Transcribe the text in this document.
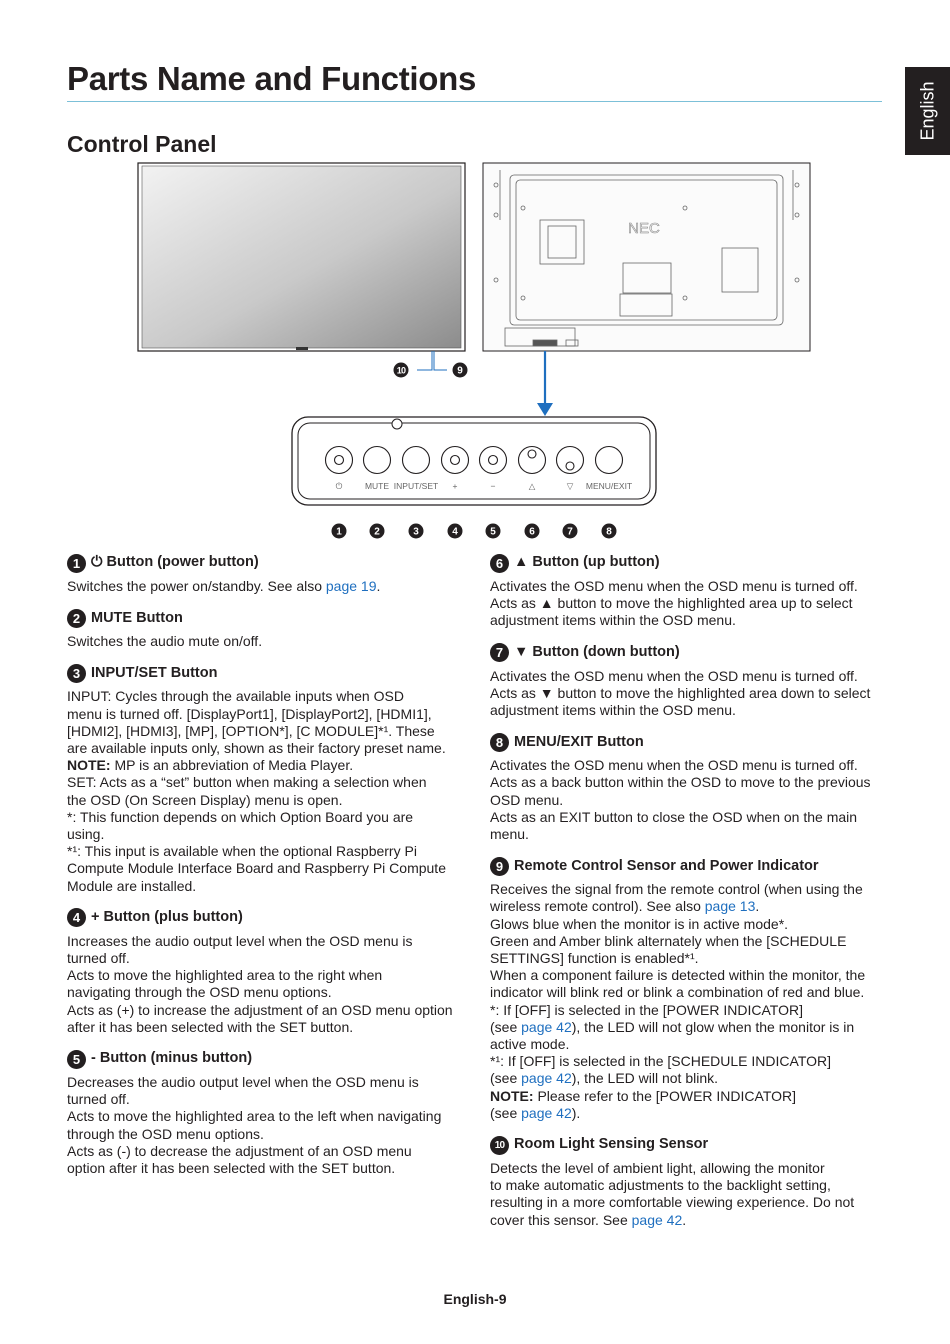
Parts Name and Functions
English
Control Panel
10	9
NEC
⏻	MUTE INPUT/SET +	−	△	▽ MENU/EXIT
1	2	3	4	5	6	7	8
1 ⏻ Button (power button)

Switches the power on/standby. See also page 19.

2 MUTE Button

Switches the audio mute on/off.

3 INPUT/SET Button

INPUT: Cycles through the available inputs when OSD

menu is turned off. [DisplayPort1], [DisplayPort2], [HDMI1],

[HDMI2], [HDMI3], [MP], [OPTION*], [C MODULE]*¹. These

are available inputs only, shown as their factory preset name.

NOTE: MP is an abbreviation of Media Player.

SET: Acts as a “set” button when making a selection when

the OSD (On Screen Display) menu is open.

*: This function depends on which Option Board you are

using.

*¹: This input is available when the optional Raspberry Pi

Compute Module Interface Board and Raspberry Pi Compute

Module are installed.

4 + Button (plus button)

Increases the audio output level when the OSD menu is

turned off.

Acts to move the highlighted area to the right when

navigating through the OSD menu options.

Acts as (+) to increase the adjustment of an OSD menu option

after it has been selected with the SET button.

5 - Button (minus button)

Decreases the audio output level when the OSD menu is

turned off.

Acts to move the highlighted area to the left when navigating

through the OSD menu options.

Acts as (-) to decrease the adjustment of an OSD menu

option after it has been selected with the SET button.

6 ▲ Button (up button)

Activates the OSD menu when the OSD menu is turned off.

Acts as ▲ button to move the highlighted area up to select

adjustment items within the OSD menu.

7 ▼ Button (down button)

Activates the OSD menu when the OSD menu is turned off.

Acts as ▼ button to move the highlighted area down to select

adjustment items within the OSD menu.

8 MENU/EXIT Button

Activates the OSD menu when the OSD menu is turned off.

Acts as a back button within the OSD to move to the previous

OSD menu.

Acts as an EXIT button to close the OSD when on the main

menu.

9 Remote Control Sensor and Power Indicator

Receives the signal from the remote control (when using the

wireless remote control). See also page 13.

Glows blue when the monitor is in active mode*.

Green and Amber blink alternately when the [SCHEDULE

SETTINGS] function is enabled*¹.

When a component failure is detected within the monitor, the

indicator will blink red or blink a combination of red and blue.

*: If [OFF] is selected in the [POWER INDICATOR]

(see page 42), the LED will not glow when the monitor is in

active mode.

*¹: If [OFF] is selected in the [SCHEDULE INDICATOR]

(see page 42), the LED will not blink.

NOTE: Please refer to the [POWER INDICATOR]

(see page 42).

10 Room Light Sensing Sensor

Detects the level of ambient light, allowing the monitor

to make automatic adjustments to the backlight setting,

resulting in a more comfortable viewing experience. Do not

cover this sensor. See page 42.

English-9
